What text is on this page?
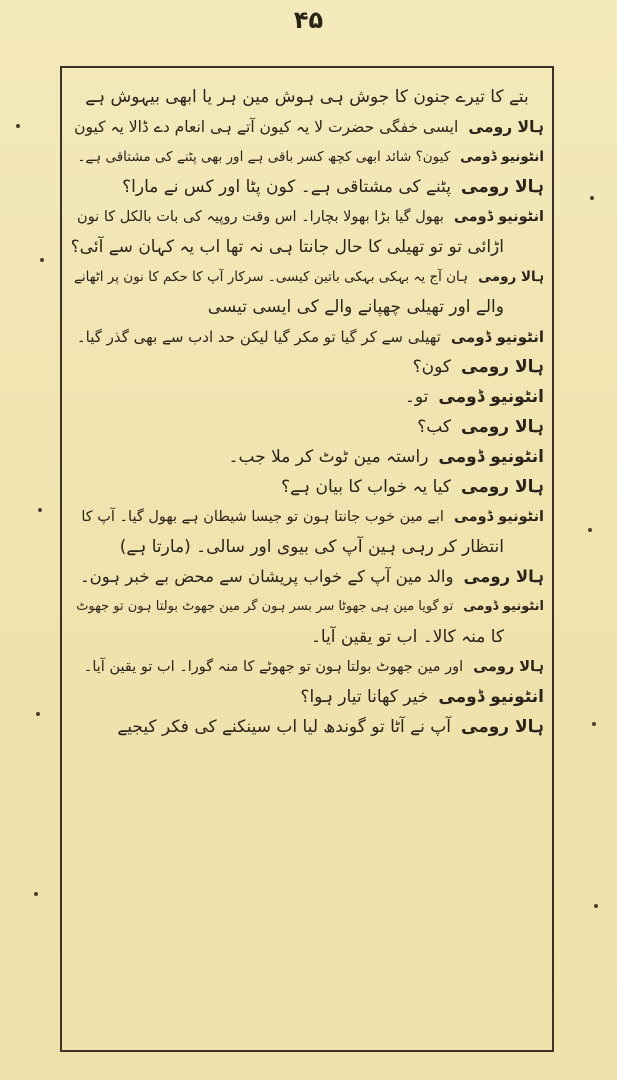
۴۵
بتے کا تیرے جنون کا جوش ہی ہوش مین ہر یا ابھی بیہوش ہے
ہالا رومیایسی خفگی حضرت لا یہ کیون آتے ہی انعام دے ڈالا یہ کیون
انٹونیو ڈومیکیون؟ شائد ابھی کچھ کسر باقی ہے اور بھی پٹنے کی مشتاقی ہے۔
ہالا رومیپٹنے کی مشتاقی ہے۔ کون پٹا اور کس نے مارا؟
انٹونیو ڈومیبھول گیا بڑا بھولا بچارا۔ اس وقت روپیہ کی بات بالکل کا نون
اڑائی تو تو تھیلی کا حال جانتا ہی نہ تھا اب یہ کہان سے آئی؟
ہالا رومیہان آج یہ بہکی بہکی باتین کیسی۔ سرکار آپ کا حکم کا نون پر اٹھانے
والے اور تھیلی چھپانے والے کی ایسی تیسی
انٹونیو ڈومیتھیلی سے کر گیا تو مکر گیا لیکن حد ادب سے بھی گذر گیا۔
ہالا رومیکون؟
انٹونیو ڈومیتو۔
ہالا رومیکب؟
انٹونیو ڈومیراستہ مین ٹوٹ کر ملا جب۔
ہالا رومیکیا یہ خواب کا بیان ہے؟
انٹونیو ڈومیابے مین خوب جانتا ہون تو جیسا شیطان ہے بھول گیا۔ آپ کا
انتظار کر رہی ہین آپ کی بیوی اور سالی۔ (مارتا ہے)
ہالا رومیوالد مین آپ کے خواب پریشان سے محض بے خبر ہون۔
انٹونیو ڈومیتو گویا مین ہی جھوٹا سر بسر ہون گر مین جھوٹ بولتا ہون تو جھوٹ
کا منہ کالا۔ اب تو یقین آیا۔
ہالا رومیاور مین جھوٹ بولتا ہون تو جھوٹے کا منہ گورا۔ اب تو یقین آیا۔
انٹونیو ڈومیخیر کھانا تیار ہوا؟
ہالا رومیآپ نے آٹا تو گوندھ لیا اب سینکنے کی فکر کیجیے
